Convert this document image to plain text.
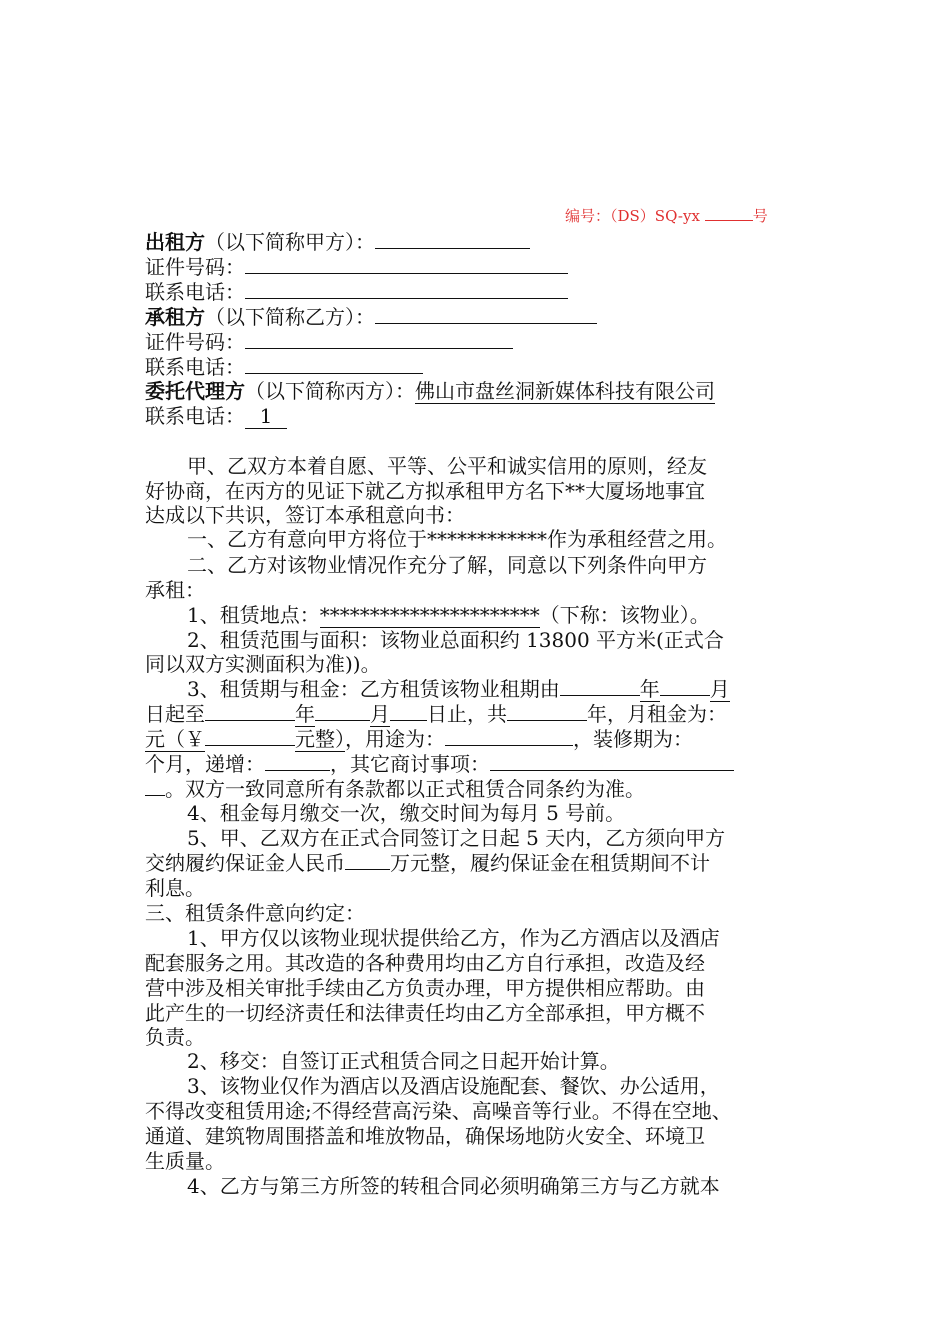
编号：（DS）SQ-yx	号
出租方（以下简称甲方）：
证件号码：
联系电话：
承租方（以下简称乙方）：
证件号码：
联系电话：
委托代理方（以下简称丙方）：佛山市盘丝洞新媒体科技有限公司
联系电话： 1
甲、乙双方本着自愿、平等、公平和诚实信用的原则，经友
好协商，在丙方的见证下就乙方拟承租甲方名下**大厦场地事宜
达成以下共识，签订本承租意向书：
一、乙方有意向甲方将位于************作为承租经营之用。
二、乙方对该物业情况作充分了解，同意以下列条件向甲方
承租：
1、租赁地点：**********************（下称：该物业）。
2、租赁范围与面积：该物业总面积约 13800 平方米(正式合
同以双方实测面积为准))。
3、租赁期与租金：乙方租赁该物业租期由	年	月
日起至	年	月 日止，共	年，月租金为：
元（￥	元整），用途为：	，装修期为：
个月，递增：	，其它商讨事项：
。双方一致同意所有条款都以正式租赁合同条约为准。
4、租金每月缴交一次，缴交时间为每月 5 号前。
5、甲、乙双方在正式合同签订之日起 5 天内，乙方须向甲方
交纳履约保证金人民币 万元整，履约保证金在租赁期间不计
利息。
三、租赁条件意向约定：
1、甲方仅以该物业现状提供给乙方，作为乙方酒店以及酒店
配套服务之用。其改造的各种费用均由乙方自行承担，改造及经
营中涉及相关审批手续由乙方负责办理，甲方提供相应帮助。由
此产生的一切经济责任和法律责任均由乙方全部承担，甲方概不
负责。
2、移交：自签订正式租赁合同之日起开始计算。
3、该物业仅作为酒店以及酒店设施配套、餐饮、办公适用，
不得改变租赁用途;不得经营高污染、高噪音等行业。不得在空地、
通道、建筑物周围搭盖和堆放物品，确保场地防火安全、环境卫
生质量。
4、乙方与第三方所签的转租合同必须明确第三方与乙方就本
